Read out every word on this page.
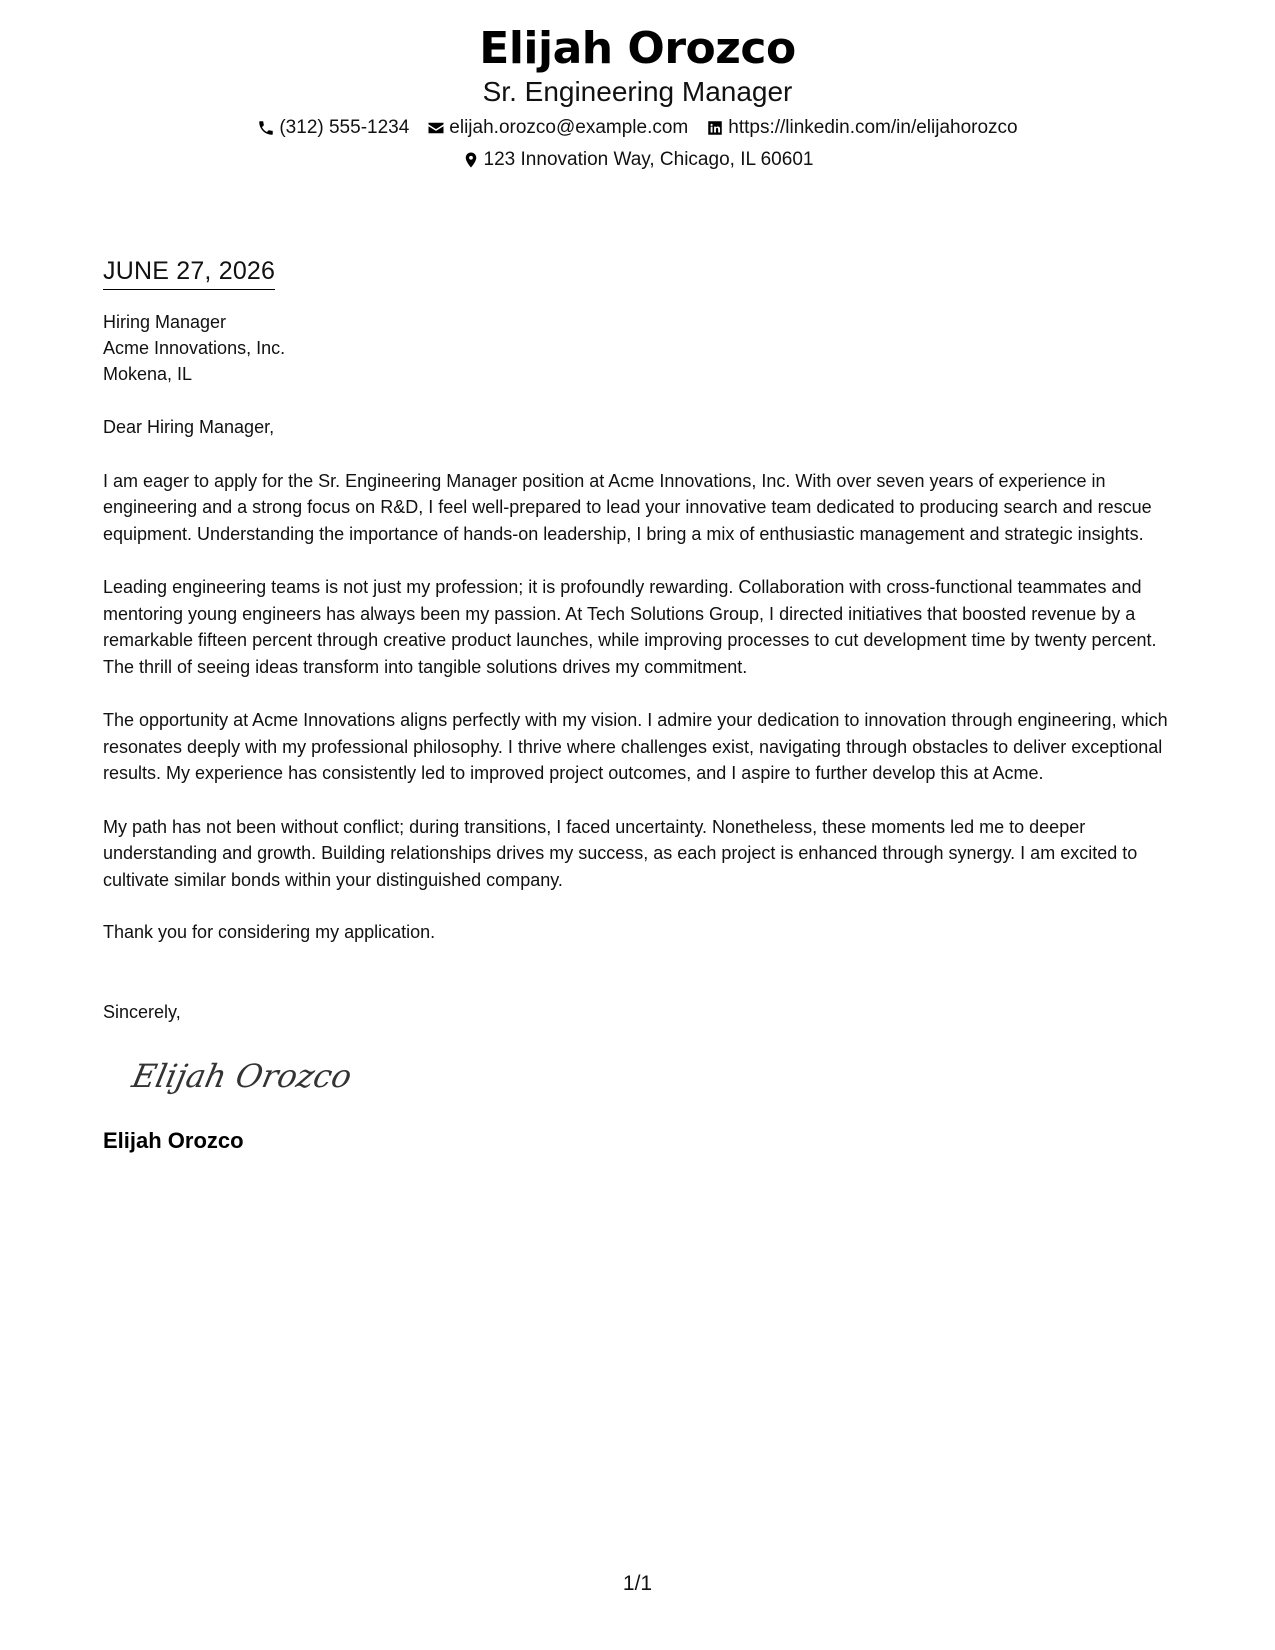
Elijah Orozco
Sr. Engineering Manager
(312) 555-1234 elijah.orozco@example.com https://linkedin.com/in/elijahorozco
123 Innovation Way, Chicago, IL 60601
JUNE 27, 2026
Hiring Manager
Acme Innovations, Inc.
Mokena, IL
Dear Hiring Manager,
I am eager to apply for the Sr. Engineering Manager position at Acme Innovations, Inc. With over seven years of experience in engineering and a strong focus on R&D, I feel well-prepared to lead your innovative team dedicated to producing search and rescue equipment. Understanding the importance of hands-on leadership, I bring a mix of enthusiastic management and strategic insights.
Leading engineering teams is not just my profession; it is profoundly rewarding. Collaboration with cross-functional teammates and mentoring young engineers has always been my passion. At Tech Solutions Group, I directed initiatives that boosted revenue by a remarkable fifteen percent through creative product launches, while improving processes to cut development time by twenty percent. The thrill of seeing ideas transform into tangible solutions drives my commitment.
The opportunity at Acme Innovations aligns perfectly with my vision. I admire your dedication to innovation through engineering, which resonates deeply with my professional philosophy. I thrive where challenges exist, navigating through obstacles to deliver exceptional results. My experience has consistently led to improved project outcomes, and I aspire to further develop this at Acme.
My path has not been without conflict; during transitions, I faced uncertainty. Nonetheless, these moments led me to deeper understanding and growth. Building relationships drives my success, as each project is enhanced through synergy. I am excited to cultivate similar bonds within your distinguished company.
Thank you for considering my application.
Sincerely,
Elijah Orozco
Elijah Orozco
1/1
